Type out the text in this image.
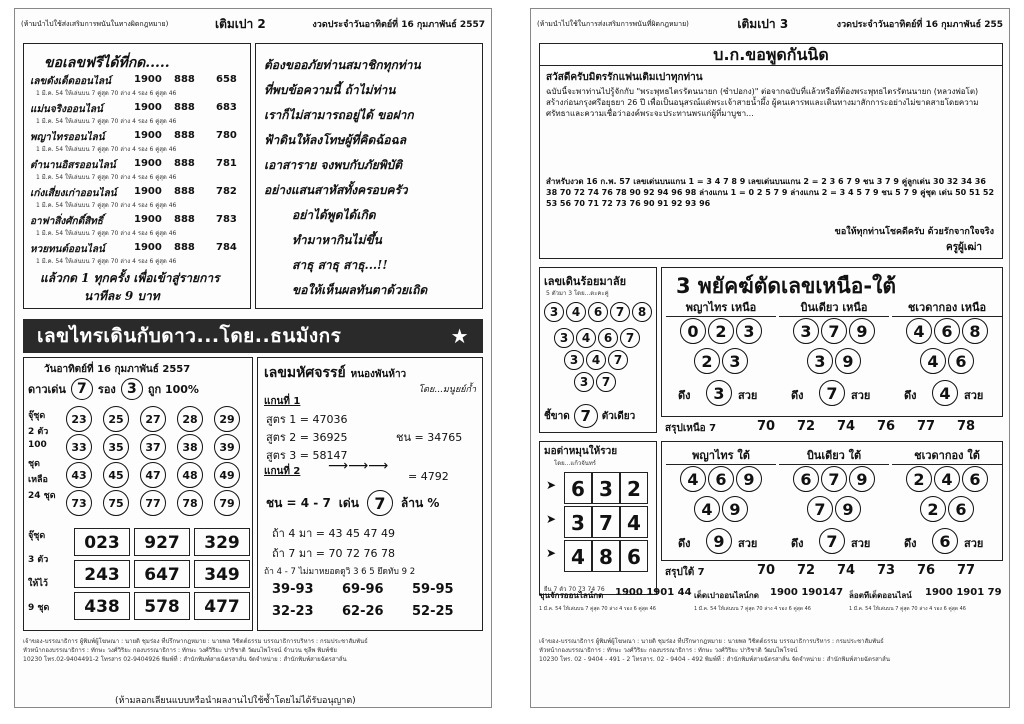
(ห้ามนำไปใช้ส่งเสริมการพนันในทางผิดกฎหมาย)	เติมเปา 2	งวดประจำวันอาทิตย์ที่ 16 กุมภาพันธ์ 2557
ขอเลขฟรีได้ที่กด.....
เลขดังเด็ดออนไลน์ 1900 888 658
1 มี.ค. 54 ให้เล่นบน 7 คู่สุด 70 ล่าง 4 รอง 6 คู่สุด 46
แม่นจริงออนไลน์	1900 888 683
1 มี.ค. 54 ให้เล่นบน 7 คู่สุด 70 ล่าง 4 รอง 6 คู่สุด 46
พญาไทรออนไลน์	1900 888 780
1 มี.ค. 54 ให้เล่นบน 7 คู่สุด 70 ล่าง 4 รอง 6 คู่สุด 46
ตำนานอิสรออนไลน์ 1900 888 781
1 มี.ค. 54 ให้เล่นบน 7 คู่สุด 70 ล่าง 4 รอง 6 คู่สุด 46
เก่งเสี่ยงเก่าออนไลน์ 1900 888 782
1 มี.ค. 54 ให้เล่นบน 7 คู่สุด 70 ล่าง 4 รอง 6 คู่สุด 46
อาฟาสิ่งศักดิ์สิทธิ์	1900 888 783
1 มี.ค. 54 ให้เล่นบน 7 คู่สุด 70 ล่าง 4 รอง 6 คู่สุด 46
หวยทนต์ออนไลน์	1900 888 784
1 มี.ค. 54 ให้เล่นบน 7 คู่สุด 70 ล่าง 4 รอง 6 คู่สุด 46
แล้วกด 1 ทุกครั้ง เพื่อเข้าสู่รายการ
นาทีละ 9 บาท
ต้องขออภัยท่านสมาชิกทุกท่าน
ที่พบข้อความนี้ ถ้าไม่ท่าน
เราก็ไม่สามารถอยู่ได้ ขอฝาก
ฟ้าดินให้ลงโทษผู้ที่คิดฉ้อฉล
เอาสาราย จงพบกับภัยพิบัติ
อย่างแสนสาหัสทั้งครอบครัว
อย่าได้พูดได้เกิด
ทำมาหากินไม่ขึ้น
สาธุ สาธุ สาธุ...!!
ขอให้เห็นผลทันตาด้วยเถิด
เลขไทรเดินกับดาว...โดย..ธนมังกร	★
วันอาทิตย์ที่ 16 กุมภาพันธ์ 2557
ดาวเด่น 7	รอง 3	ถูก 100%
จุ๊ชุด
2 ตัว
100
ชุด
เหลือ
24 ชุด
23	25	27	28	29
33	35	37	38	39
43	45	47	48	49
73	75	77	78	79
จุ๊ชุด
3 ตัว
ให้ไว้
9 ชุด
023	927	329
243	647	349
438	578	477
เลขมหัศจรรย์ หนองพันห้าว
โดย...มนูยย์ก้ำ
แกนที่ 1
สูตร 1 = 47036
สูตร 2 = 36925
สูตร 3 = 58147
ชน = 34765
แกนที่ 2 ⟶⟶⟶
= 4792
ชน = 4 - 7 เด่น 7	ล้าน %
ถ้า 4 มา = 43 45 47 49
ถ้า 7 มา = 70 72 76 78
ถ้า 4 - 7 ไม่มาหยอดดูวิ 3 6 5 ยึดทับ 9 2
39-93 69-96 59-95
32-23 62-26 52-25
เจ้าของ-บรรณาธิการ ผู้พิมพ์ผู้โฆษณา : นายดิ ชุมร่อง ที่ปรึกษากฎหมาย : นายพล วิชิตต์ธรรม บรรณาธิการบริหาร : กรมประชาสัมพันธ์
หัวหน้ากองบรรณาธิการ : ทักษะ วงศ์วิริยะ กองบรรณาธิการ : ทักษะ วงศ์วิริยะ ปาริชาติ วัฒนไพโรจน์ จำนวน ชุลีพ พิมพ์ชัย
10230 โทร.02-9404491-2 โทรสาร 02-9404926 พิมพ์ที่ : สำนักพิมพ์สายฉัตรสาส์น จัดจำหน่าย : สำนักพิมพ์สายฉัตรสาส์น
(ห้ามลอกเลียนแบบหรือนำผลงานไปใช้ซ้ำโดยไม่ได้รับอนุญาต)
(ห้ามนำไปใช้ในการส่งเสริมการพนันที่ผิดกฎหมาย)	เติมเปา 3	งวดประจำวันอาทิตย์ที่ 16 กุมภาพันธ์ 255
บ.ก.ขอพูดกันนิด
สวัสดีครับมิตรรักแฟนเติมเปาทุกท่าน
ฉบับนี้จะพาท่านไปรู้จักกับ "พระพุทธไตรรัตนนายก (ซำปอกง)" ต่อจากฉบับที่แล้วหรือที่ต้องพระพุทธไตรรัตนนายก (หลวงพ่อโต) สร้างก่อนกรุงศรีอยุธยา 26 ปี เพื่อเป็นอนุสรณ์แด่พระเจ้าสายน้ำผึ้ง ผู้คนเคารพและเดินทางมาสักการะอย่างไม่ขาดสายโดยความศรัทธาและความเชื่อว่าองค์พระจะประทานพรแก่ผู้ที่มาบูชา...
สำหรับงวด 16 ก.พ. 57 เลขเด่นบนแกน 1 = 3 4 7 8 9 เลขเด่นบนแกน 2 = 2 3 6 7 9 ชน 3 7 9 คู่ลูกเด่น 30 32 34 36 38 70 72 74 76 78 90 92 94 96 98 ล่างแกน 1 = 0 2 5 7 9 ล่างแกน 2 = 3 4 5 7 9 ชน 5 7 9 คู่ชุด เด่น 50 51 52 53 56 70 71 72 73 76 90 91 92 93 96
ขอให้ทุกท่านโชคดีครับ ด้วยรักจากใจจริง
ครูผู้เฒ่า
เลขเดินร้อยมาลัย
5 ตัวมา 3 โดย...ตะคะคู่
3	4	6	7	8
3	4	6	7
3	4	7
3	7
ชี้ขาด 7	ตัวเดียว
3 พยัคฆ์ตัดเลขเหนือ-ใต้
พญาไทร เหนือ
0	2	3
2	3
ดึง	3	สวย
บินเดียว เหนือ
3	7	9
3	9
ดึง	7	สวย
ชเวดากอง เหนือ
4	6	8
4	6
ดึง	4	สวย
สรุปเหนือ 7	70 72 74 76 77 78
มอต่าหมุนให้รวย
โดย...แก้วจันทร์
➤ 6 3 2
➤ 3 7 4
➤ 4 8 6
ยืน 7 ตัว 70 73 74 76
พญาไทร ใต้
4	6	9
4	9
ดึง	9	สวย
บินเดียว ใต้
6	7	9
7	9
ดึง	7	สวย
ชเวดากอง ใต้
2	4	6
2	6
ดึง	6	สวย
สรุปใต้ 7	70 72 74 73 76 77
ขุนจักรออนไลน์กด 1900 1901 44
1 มี.ค. 54 ให้เล่นบน 7 คู่สุด 70 ล่าง 4 รอง 6 คู่สุด 46
เด็ดเปาออนไลน์กด 1900 190147
1 มี.ค. 54 ให้เล่นบน 7 คู่สุด 70 ล่าง 4 รอง 6 คู่สุด 46
ล็อตทีเด็ดออนไลน์ 1900 1901 79
1 มี.ค. 54 ให้เล่นบน 7 คู่สุด 70 ล่าง 4 รอง 6 คู่สุด 46
เจ้าของ-บรรณาธิการ ผู้พิมพ์ผู้โฆษณา : นายดิ ชุมร่อง ที่ปรึกษากฎหมาย : นายพล วิชิตต์ธรรม บรรณาธิการบริหาร : กรมประชาสัมพันธ์
หัวหน้ากองบรรณาธิการ : ทักษะ วงศ์วิริยะ กองบรรณาธิการ : ทักษะ วงศ์วิริยะ ปาริชาติ วัฒนไพโรจน์
10230 โทร. 02 - 9404 - 491 - 2 โทรสาร. 02 - 9404 - 492 พิมพ์ที่ : สำนักพิมพ์สายฉัตรสาส์น จัดจำหน่าย : สำนักพิมพ์สายฉัตรสาส์น
